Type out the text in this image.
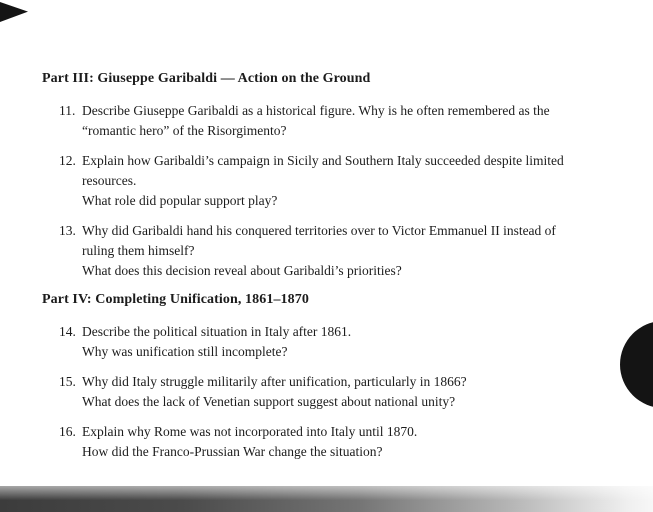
Part III: Giuseppe Garibaldi — Action on the Ground
11. Describe Giuseppe Garibaldi as a historical figure. Why is he often remembered as the
“romantic hero” of the Risorgimento?
12. Explain how Garibaldi’s campaign in Sicily and Southern Italy succeeded despite limited
resources.
What role did popular support play?
13. Why did Garibaldi hand his conquered territories over to Victor Emmanuel II instead of
ruling them himself?
What does this decision reveal about Garibaldi’s priorities?
Part IV: Completing Unification, 1861–1870
14. Describe the political situation in Italy after 1861.
Why was unification still incomplete?
15. Why did Italy struggle militarily after unification, particularly in 1866?
What does the lack of Venetian support suggest about national unity?
16. Explain why Rome was not incorporated into Italy until 1870.
How did the Franco-Prussian War change the situation?
